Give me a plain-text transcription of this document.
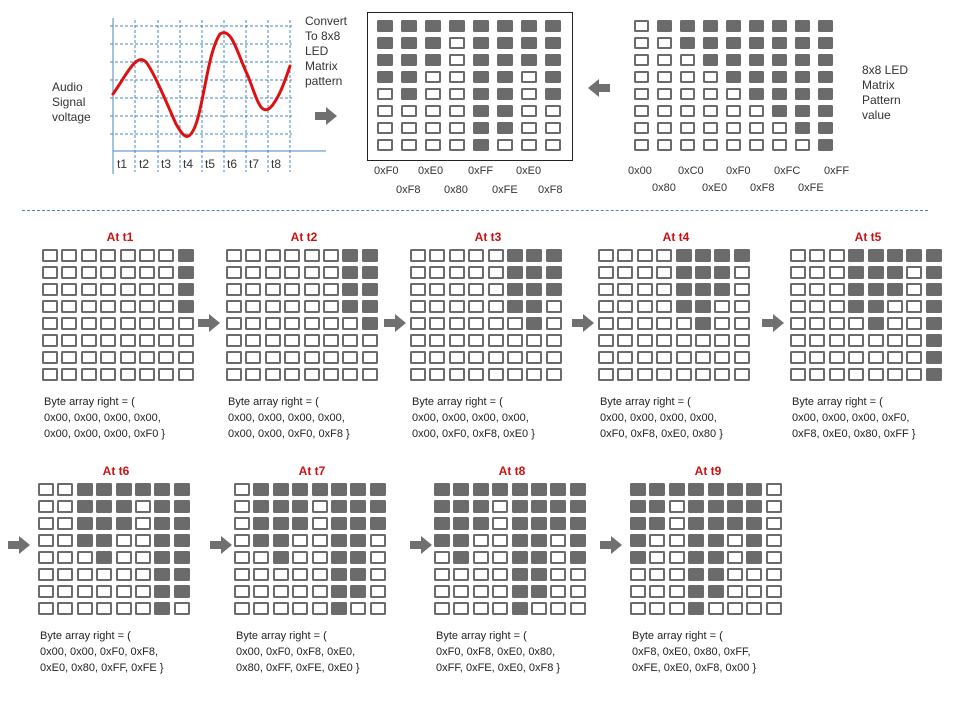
Audio
Signal
voltage
t1 t2 t3 t4 t5 t6 t7 t8
Convert
To 8x8
LED
Matrix
pattern
0xF0 0xE0 0xFF 0xE0
0xF8 0x80 0xFE 0xF8
8x8 LED
Matrix
Pattern
value
0x00 0xC0 0xF0 0xFC 0xFF
0x80 0xE0 0xF8 0xFE
At t1
Byte array right = (
0x00, 0x00, 0x00, 0x00,
0x00, 0x00, 0x00, 0xF0 }
At t2
Byte array right = (
0x00, 0x00, 0x00, 0x00,
0x00, 0x00, 0xF0, 0xF8 }
At t3
Byte array right = (
0x00, 0x00, 0x00, 0x00,
0x00, 0xF0, 0xF8, 0xE0 }
At t4
Byte array right = (
0x00, 0x00, 0x00, 0x00,
0xF0, 0xF8, 0xE0, 0x80 }
At t5
Byte array right = (
0x00, 0x00, 0x00, 0xF0,
0xF8, 0xE0, 0x80, 0xFF }
At t6
Byte array right = (
0x00, 0x00, 0xF0, 0xF8,
0xE0, 0x80, 0xFF, 0xFE }
At t7
Byte array right = (
0x00, 0xF0, 0xF8, 0xE0,
0x80, 0xFF, 0xFE, 0xE0 }
At t8
Byte array right = (
0xF0, 0xF8, 0xE0, 0x80,
0xFF, 0xFE, 0xE0, 0xF8 }
At t9
Byte array right = (
0xF8, 0xE0, 0x80, 0xFF,
0xFE, 0xE0, 0xF8, 0x00 }
